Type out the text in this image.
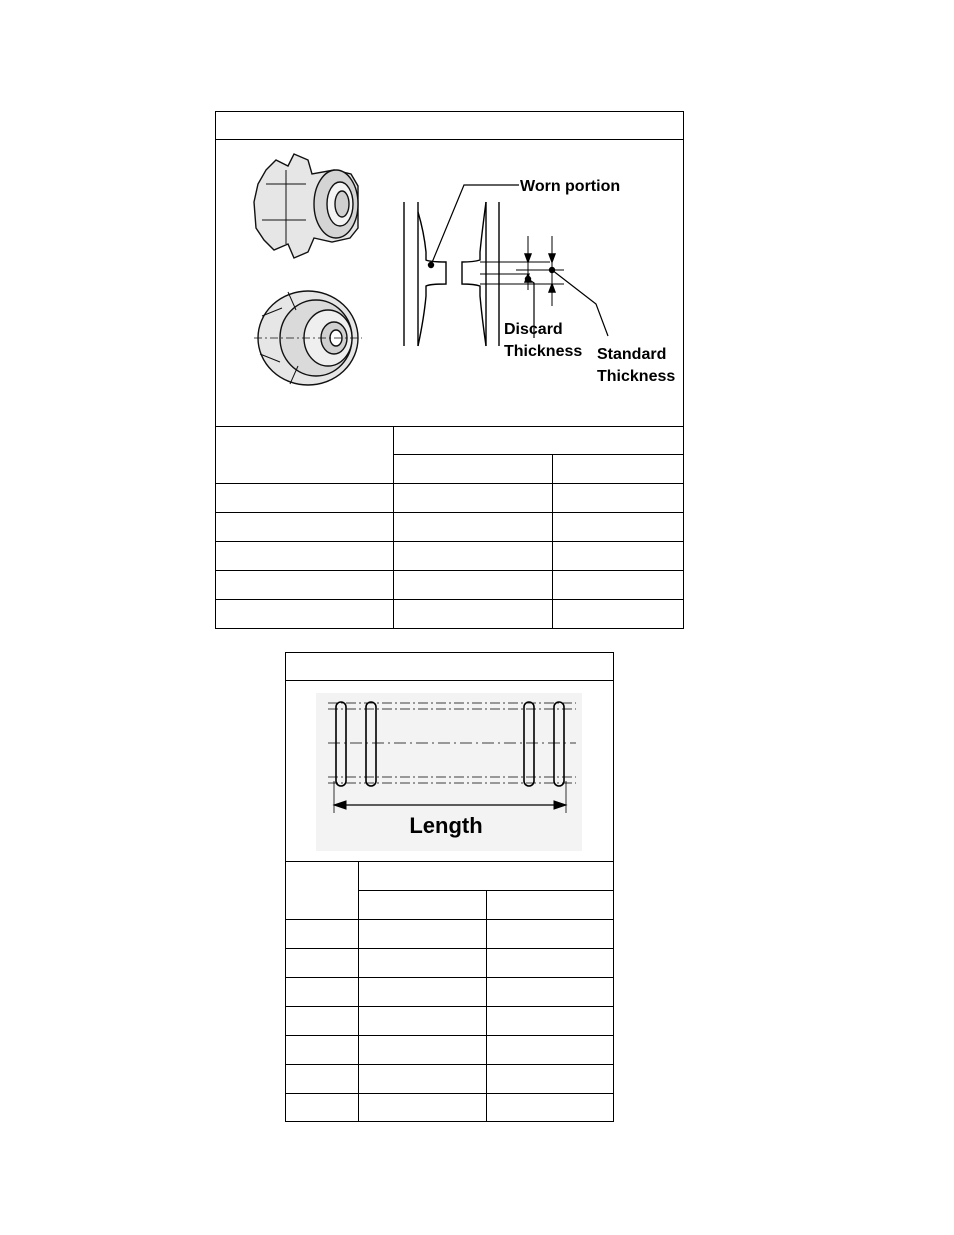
Worn portion
Discard
Thickness Standard
Thickness		

Length		
